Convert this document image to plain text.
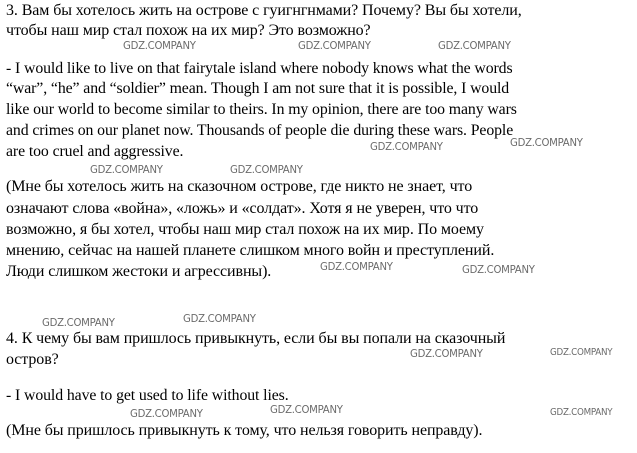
3. Вам бы хотелось жить на острове с гуигнгнмами? Почему? Вы бы хотели,
чтобы наш мир стал похож на их мир? Это возможно?
- I would like to live on that fairytale island where nobody knows what the words
“war”, “he” and “soldier” mean. Though I am not sure that it is possible, I would
like our world to become similar to theirs. In my opinion, there are too many wars
and crimes on our planet now. Thousands of people die during these wars. People
are too cruel and aggressive.
(Мне бы хотелось жить на сказочном острове, где никто не знает, что
означают слова «война», «ложь» и «солдат». Хотя я не уверен, что что
возможно, я бы хотел, чтобы наш мир стал похож на их мир. По моему
мнению, сейчас на нашей планете слишком много войн и преступлений.
Люди слишком жестоки и агрессивны).
4. К чему бы вам пришлось привыкнуть, если бы вы попали на сказочный
остров?
- I would have to get used to life without lies.
(Мне бы пришлось привыкнуть к тому, что нельзя говорить неправду).
GDZ.COMPANY	GDZ.COMPANY	GDZ.COMPANY
GDZ.COMPANY	GDZ.COMPANY
GDZ.COMPANY	GDZ.COMPANY
GDZ.COMPANY	GDZ.COMPANY
GDZ.COMPANY	GDZ.COMPANY
GDZ.COMPANY	GDZ.COMPANY
GDZ.COMPANY	GDZ.COMPANY	GDZ.COMPANY
